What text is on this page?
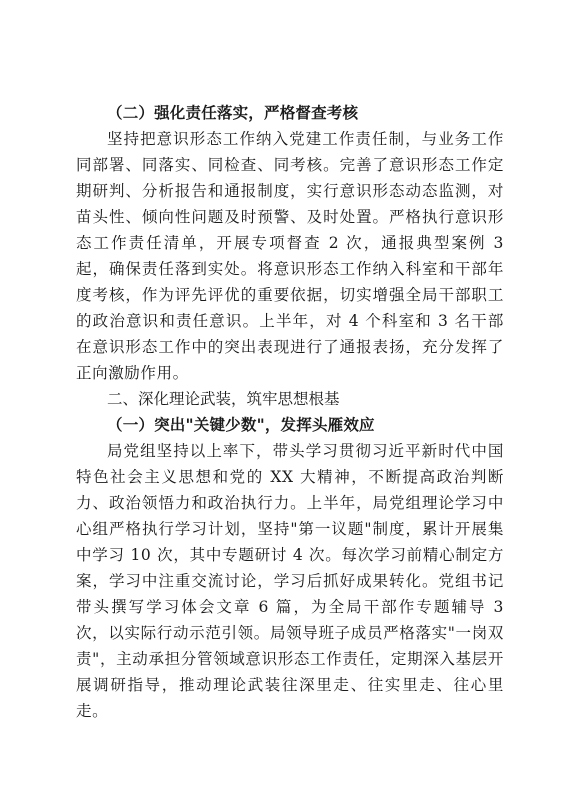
（二）强化责任落实，严格督查考核

坚持把意识形态工作纳入党建工作责任制，与业务工作同部署、同落实、同检查、同考核。完善了意识形态工作定期研判、分析报告和通报制度，实行意识形态动态监测，对苗头性、倾向性问题及时预警、及时处置。严格执行意识形态工作责任清单，开展专项督查 2 次，通报典型案例 3 起，确保责任落到实处。将意识形态工作纳入科室和干部年度考核，作为评先评优的重要依据，切实增强全局干部职工的政治意识和责任意识。上半年，对 4 个科室和 3 名干部在意识形态工作中的突出表现进行了通报表扬，充分发挥了正向激励作用。

二、深化理论武装，筑牢思想根基

（一）突出"关键少数"，发挥头雁效应

局党组坚持以上率下，带头学习贯彻习近平新时代中国特色社会主义思想和党的 XX 大精神，不断提高政治判断力、政治领悟力和政治执行力。上半年，局党组理论学习中心组严格执行学习计划，坚持"第一议题"制度，累计开展集中学习 10 次，其中专题研讨 4 次。每次学习前精心制定方案，学习中注重交流讨论，学习后抓好成果转化。党组书记带头撰写学习体会文章 6 篇，为全局干部作专题辅导 3 次，以实际行动示范引领。局领导班子成员严格落实"一岗双责"，主动承担分管领域意识形态工作责任，定期深入基层开展调研指导，推动理论武装往深里走、往实里走、往心里走。
